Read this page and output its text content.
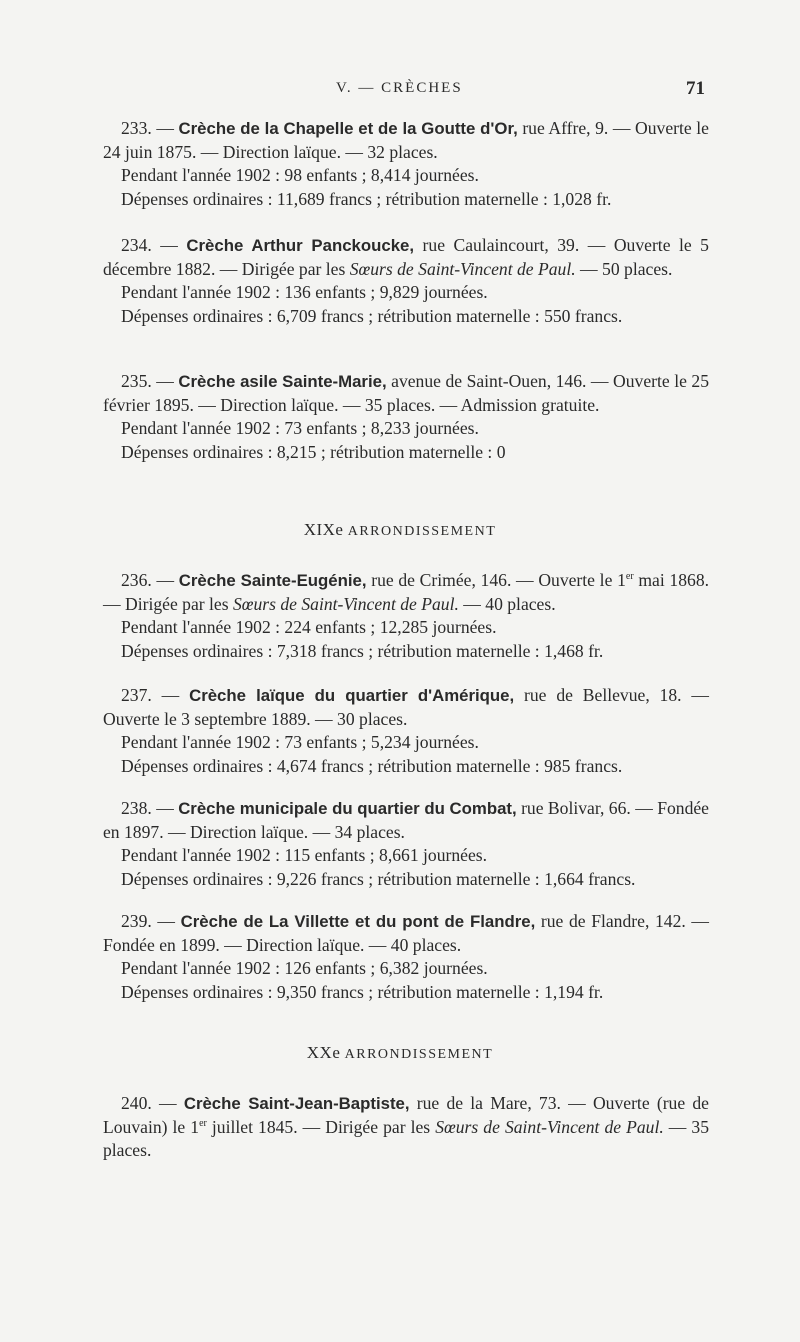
V. — CRÈCHES	71

233. — Crèche de la Chapelle et de la Goutte d'Or, rue Affre, 9. — Ouverte le 24 juin 1875. — Direction laïque. — 32 places.

Pendant l'année 1902 : 98 enfants ; 8,414 journées.

Dépenses ordinaires : 11,689 francs ; rétribution maternelle : 1,028 fr.

234. — Crèche Arthur Panckoucke, rue Caulaincourt, 39. — Ouverte le 5 décembre 1882. — Dirigée par les Sœurs de Saint-Vincent de Paul. — 50 places.

Pendant l'année 1902 : 136 enfants ; 9,829 journées.

Dépenses ordinaires : 6,709 francs ; rétribution maternelle : 550 francs.

235. — Crèche asile Sainte-Marie, avenue de Saint-Ouen, 146. — Ouverte le 25 février 1895. — Direction laïque. — 35 places. — Admission gratuite.

Pendant l'année 1902 : 73 enfants ; 8,233 journées.

Dépenses ordinaires : 8,215 ; rétribution maternelle : 0

XIXe ARRONDISSEMENT

236. — Crèche Sainte-Eugénie, rue de Crimée, 146. — Ouverte le 1er mai 1868. — Dirigée par les Sœurs de Saint-Vincent de Paul. — 40 places.

Pendant l'année 1902 : 224 enfants ; 12,285 journées.

Dépenses ordinaires : 7,318 francs ; rétribution maternelle : 1,468 fr.

237. — Crèche laïque du quartier d'Amérique, rue de Bellevue, 18. — Ouverte le 3 septembre 1889. — 30 places.

Pendant l'année 1902 : 73 enfants ; 5,234 journées.

Dépenses ordinaires : 4,674 francs ; rétribution maternelle : 985 francs.

238. — Crèche municipale du quartier du Combat, rue Bolivar, 66. — Fondée en 1897. — Direction laïque. — 34 places.

Pendant l'année 1902 : 115 enfants ; 8,661 journées.

Dépenses ordinaires : 9,226 francs ; rétribution maternelle : 1,664 francs.

239. — Crèche de La Villette et du pont de Flandre, rue de Flandre, 142. — Fondée en 1899. — Direction laïque. — 40 places.

Pendant l'année 1902 : 126 enfants ; 6,382 journées.

Dépenses ordinaires : 9,350 francs ; rétribution maternelle : 1,194 fr.

XXe ARRONDISSEMENT

240. — Crèche Saint-Jean-Baptiste, rue de la Mare, 73. — Ouverte (rue de Louvain) le 1er juillet 1845. — Dirigée par les Sœurs de Saint-Vincent de Paul. — 35 places.
